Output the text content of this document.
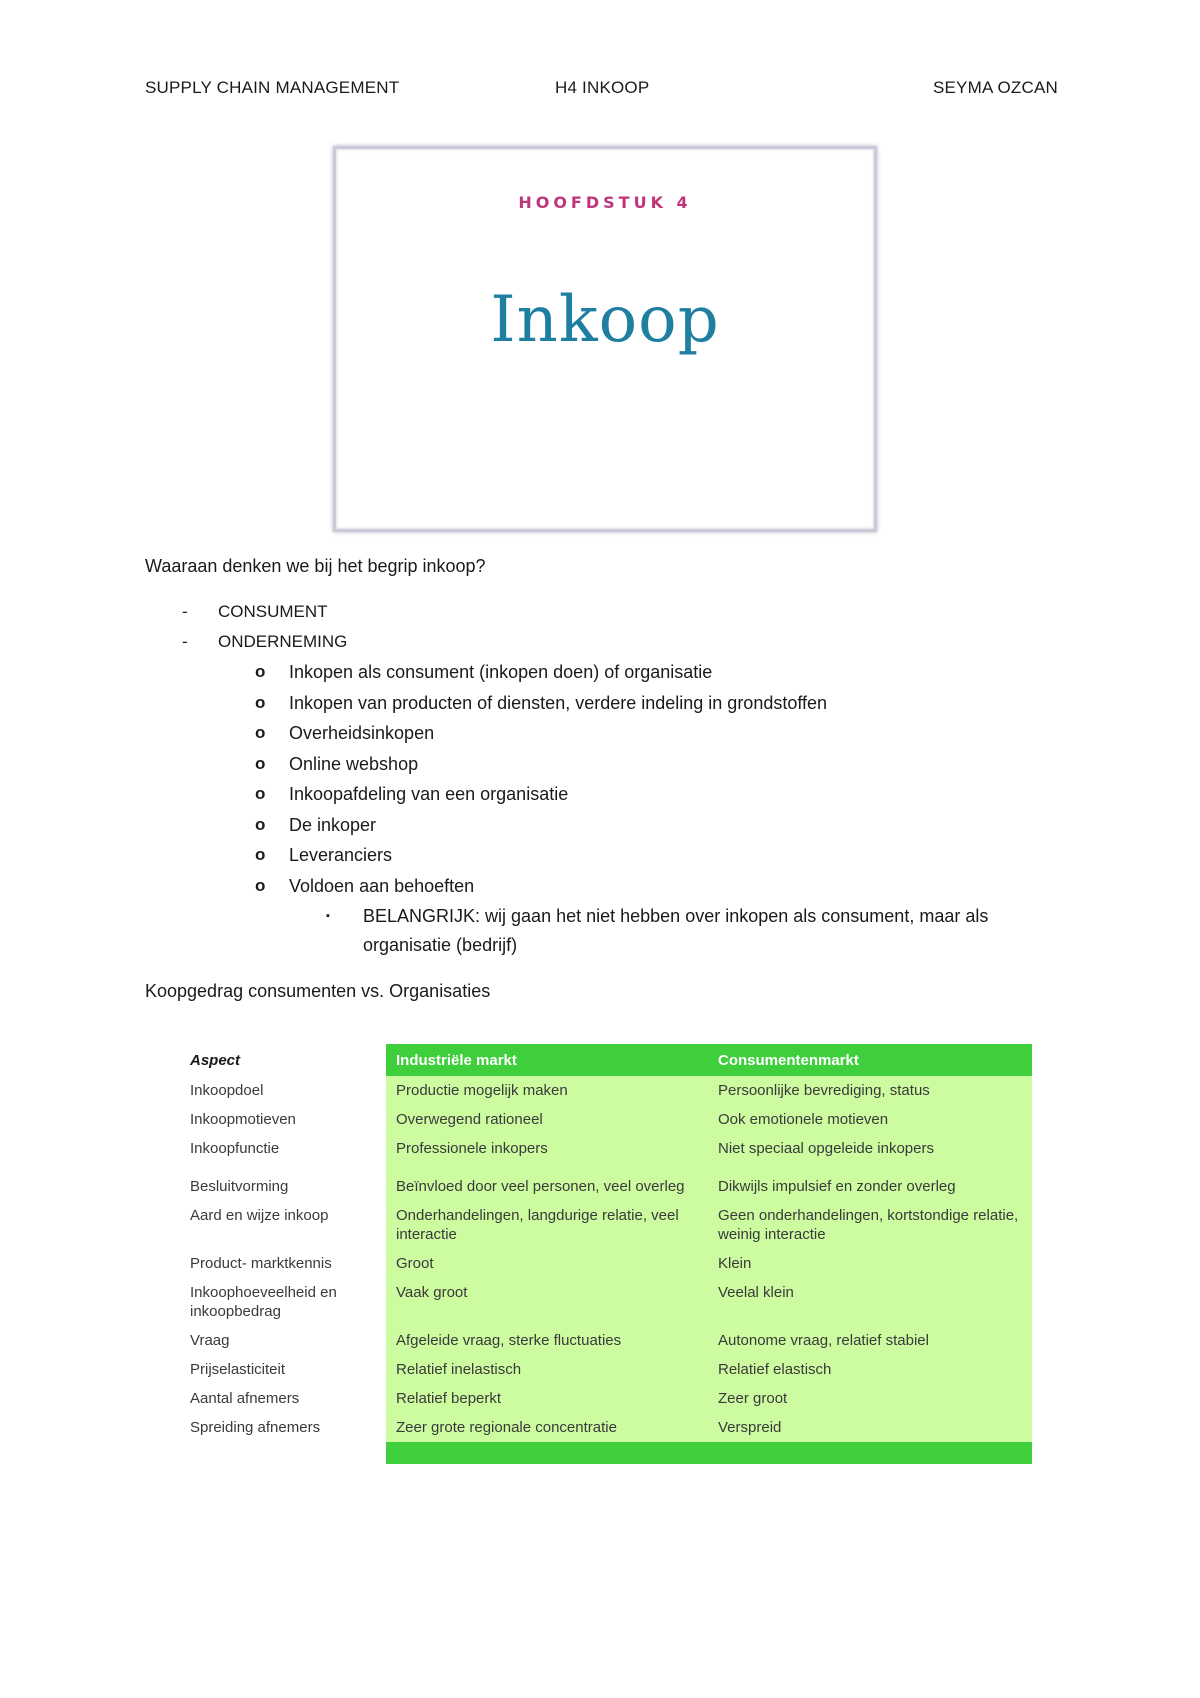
SUPPLY CHAIN MANAGEMENT	H4 INKOOP	SEYMA OZCAN
HOOFDSTUK 4
Inkoop
Waaraan denken we bij het begrip inkoop?
-	CONSUMENT
-	ONDERNEMING
o Inkopen als consument (inkopen doen) of organisatie
o Inkopen van producten of diensten, verdere indeling in grondstoffen
o Overheidsinkopen
o Online webshop
o Inkoopafdeling van een organisatie
o De inkoper
o Leveranciers
o Voldoen aan behoeften
▪ BELANGRIJK: wij gaan het niet hebben over inkopen als consument, maar als organisatie (bedrijf)
Koopgedrag consumenten vs. Organisaties
Aspect	Industriële markt	Consumentenmarkt
Inkoopdoel	Productie mogelijk maken	Persoonlijke bevrediging, status
Inkoopmotieven	Overwegend rationeel	Ook emotionele motieven
Inkoopfunctie	Professionele inkopers	Niet speciaal opgeleide inkopers
Besluitvorming	Beïnvloed door veel personen, veel overleg	Dikwijls impulsief en zonder overleg
Aard en wijze inkoop	Onderhandelingen, langdurige relatie, veel interactie	Geen onderhandelingen, kortstondige relatie, weinig interactie
Product- marktkennis	Groot	Klein
Inkoophoeveelheid en inkoopbedrag	Vaak groot	Veelal klein
Vraag	Afgeleide vraag, sterke fluctuaties	Autonome vraag, relatief stabiel
Prijselasticiteit	Relatief inelastisch	Relatief elastisch
Aantal afnemers	Relatief beperkt	Zeer groot
Spreiding afnemers	Zeer grote regionale concentratie	Verspreid
